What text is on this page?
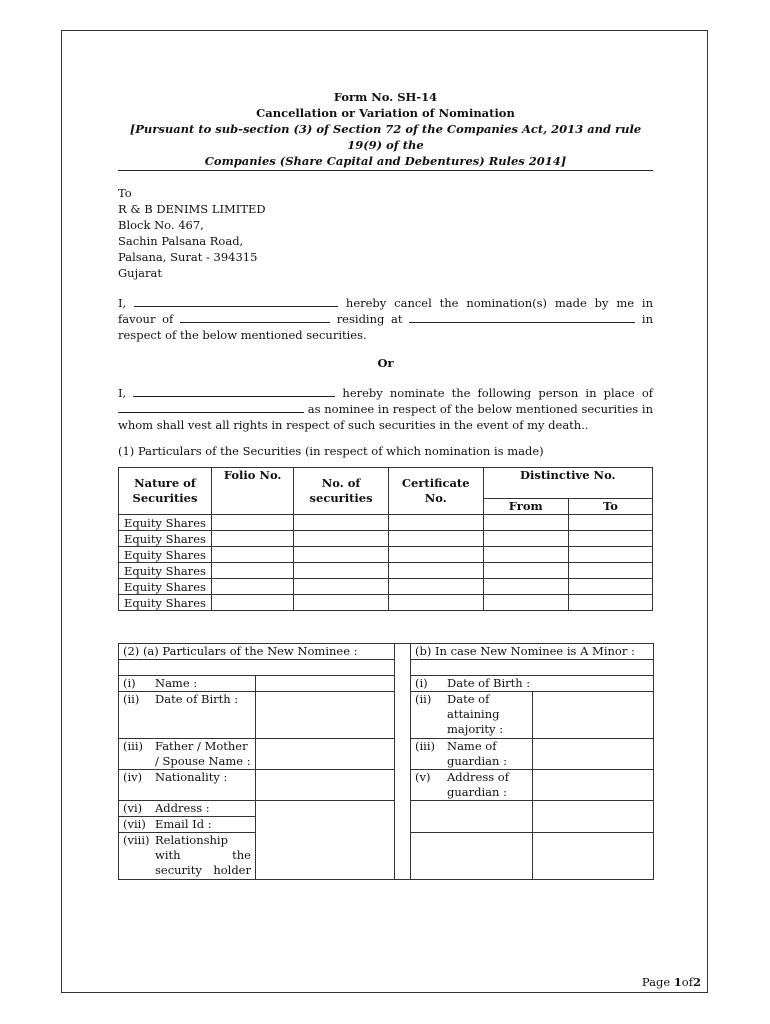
Form No. SH-14
Cancellation or Variation of Nomination
[Pursuant to sub-section (3) of Section 72 of the Companies Act, 2013 and rule 19(9) of the
Companies (Share Capital and Debentures) Rules 2014]
To
R & B DENIMS LIMITED
Block No. 467,
Sachin Palsana Road,
Palsana, Surat - 394315
Gujarat

I,	hereby cancel the nomination(s) made by me in favour of	residing at	in respect of the below mentioned securities.

Or

I,	hereby nominate the following person in place of  as nominee in respect of the below mentioned securities in whom shall vest all rights in respect of such securities in the event of my death..

(1) Particulars of the Securities (in respect of which nomination is made)

Nature of Securities	Folio No.	No. of securities	Certificate No.	Distinctive No.	
				From	To
Equity Shares					
Equity Shares					
Equity Shares					
Equity Shares					
Equity Shares					
Equity Shares					
(2) (a) Particulars of the New Nominee :			(b) In case New Nominee is A Minor :	

(i) Name :			(i) Date of Birth :	

(ii) Date of Birth :			(ii) Date of attaining majority :	

(iii) Father / Mother / Spouse Name :			(iii) Name of guardian :	

(iv) Nationality :			(v) Address of guardian :	

(vi) Address :				

(vii) Email Id :				

(viii) Relationship with the security holder				

Page 1of2
